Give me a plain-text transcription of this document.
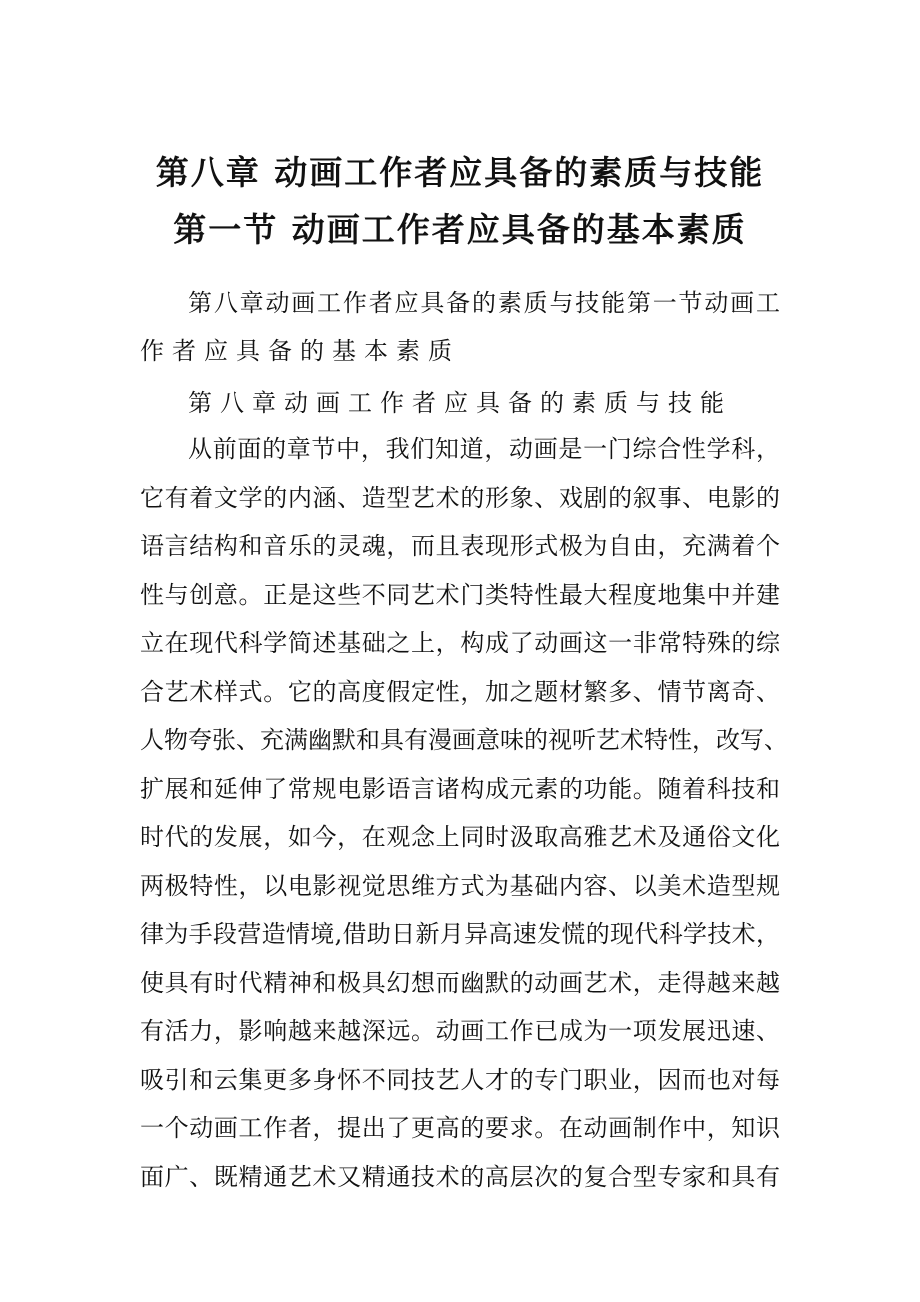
第八章 动画工作者应具备的素质与技能
第一节 动画工作者应具备的基本素质
第八章动画工作者应具备的素质与技能第一节动画工
作者应具备的基本素质
第八章动画工作者应具备的素质与技能
从前面的章节中，我们知道，动画是一门综合性学科，
它有着文学的内涵、造型艺术的形象、戏剧的叙事、电影的
语言结构和音乐的灵魂，而且表现形式极为自由，充满着个
性与创意。正是这些不同艺术门类特性最大程度地集中并建
立在现代科学简述基础之上，构成了动画这一非常特殊的综
合艺术样式。它的高度假定性，加之题材繁多、情节离奇、
人物夸张、充满幽默和具有漫画意味的视听艺术特性，改写、
扩展和延伸了常规电影语言诸构成元素的功能。随着科技和
时代的发展，如今，在观念上同时汲取高雅艺术及通俗文化
两极特性，以电影视觉思维方式为基础内容、以美术造型规
律为手段营造情境,借助日新月异高速发慌的现代科学技术，
使具有时代精神和极具幻想而幽默的动画艺术，走得越来越
有活力，影响越来越深远。动画工作已成为一项发展迅速、
吸引和云集更多身怀不同技艺人才的专门职业，因而也对每
一个动画工作者，提出了更高的要求。在动画制作中，知识
面广、既精通艺术又精通技术的高层次的复合型专家和具有
